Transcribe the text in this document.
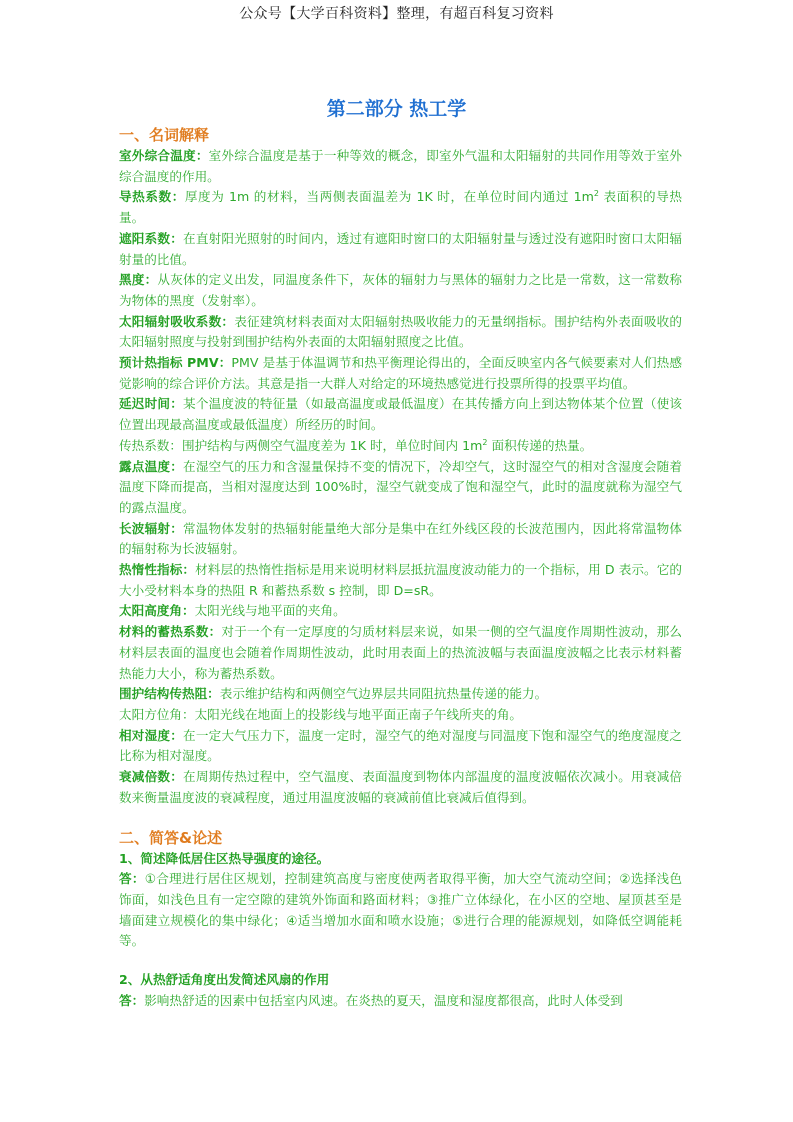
公众号【大学百科资料】整理，有超百科复习资料
第二部分 热工学
一、名词解释
室外综合温度：室外综合温度是基于一种等效的概念，即室外气温和太阳辐射的共同作用等效于室外综合温度的作用。
导热系数：厚度为 1m 的材料，当两侧表面温差为 1K 时，在单位时间内通过 $1m^2$ 表面积的导热量。
遮阳系数：在直射阳光照射的时间内，透过有遮阳时窗口的太阳辐射量与透过没有遮阳时窗口太阳辐射量的比值。
黑度：从灰体的定义出发，同温度条件下，灰体的辐射力与黑体的辐射力之比是一常数，这一常数称为物体的黑度（发射率）。
太阳辐射吸收系数：表征建筑材料表面对太阳辐射热吸收能力的无量纲指标。围护结构外表面吸收的太阳辐射照度与投射到围护结构外表面的太阳辐射照度之比值。
预计热指标 PMV：PMV 是基于体温调节和热平衡理论得出的，全面反映室内各气候要素对人们热感觉影响的综合评价方法。其意是指一大群人对给定的环境热感觉进行投票所得的投票平均值。
延迟时间：某个温度波的特征量（如最高温度或最低温度）在其传播方向上到达物体某个位置（使该位置出现最高温度或最低温度）所经历的时间。
传热系数：围护结构与两侧空气温度差为 1K 时，单位时间内 $1m^2$ 面积传递的热量。
露点温度：在湿空气的压力和含湿量保持不变的情况下，冷却空气，这时湿空气的相对含湿度会随着温度下降而提高，当相对湿度达到 100%时，湿空气就变成了饱和湿空气，此时的温度就称为湿空气的露点温度。
长波辐射：常温物体发射的热辐射能量绝大部分是集中在红外线区段的长波范围内，因此将常温物体的辐射称为长波辐射。
热惰性指标：材料层的热惰性指标是用来说明材料层抵抗温度波动能力的一个指标，用 D 表示。它的大小受材料本身的热阻 R 和蓄热系数 s 控制，即 D=sR。
太阳高度角：太阳光线与地平面的夹角。
材料的蓄热系数：对于一个有一定厚度的匀质材料层来说，如果一侧的空气温度作周期性波动，那么材料层表面的温度也会随着作周期性波动，此时用表面上的热流波幅与表面温度波幅之比表示材料蓄热能力大小，称为蓄热系数。
围护结构传热阻：表示维护结构和两侧空气边界层共同阻抗热量传递的能力。
太阳方位角：太阳光线在地面上的投影线与地平面正南子午线所夹的角。
相对湿度：在一定大气压力下，温度一定时，湿空气的绝对湿度与同温度下饱和湿空气的绝度湿度之比称为相对湿度。
衰减倍数：在周期传热过程中，空气温度、表面温度到物体内部温度的温度波幅依次减小。用衰减倍数来衡量温度波的衰减程度，通过用温度波幅的衰减前值比衰减后值得到。
二、简答&论述
1、简述降低居住区热导强度的途径。
答：①合理进行居住区规划，控制建筑高度与密度使两者取得平衡，加大空气流动空间；②选择浅色饰面，如浅色且有一定空隙的建筑外饰面和路面材料；③推广立体绿化，在小区的空地、屋顶甚至是墙面建立规模化的集中绿化；④适当增加水面和喷水设施；⑤进行合理的能源规划，如降低空调能耗等。
2、从热舒适角度出发简述风扇的作用
答：影响热舒适的因素中包括室内风速。在炎热的夏天，温度和湿度都很高，此时人体受到
